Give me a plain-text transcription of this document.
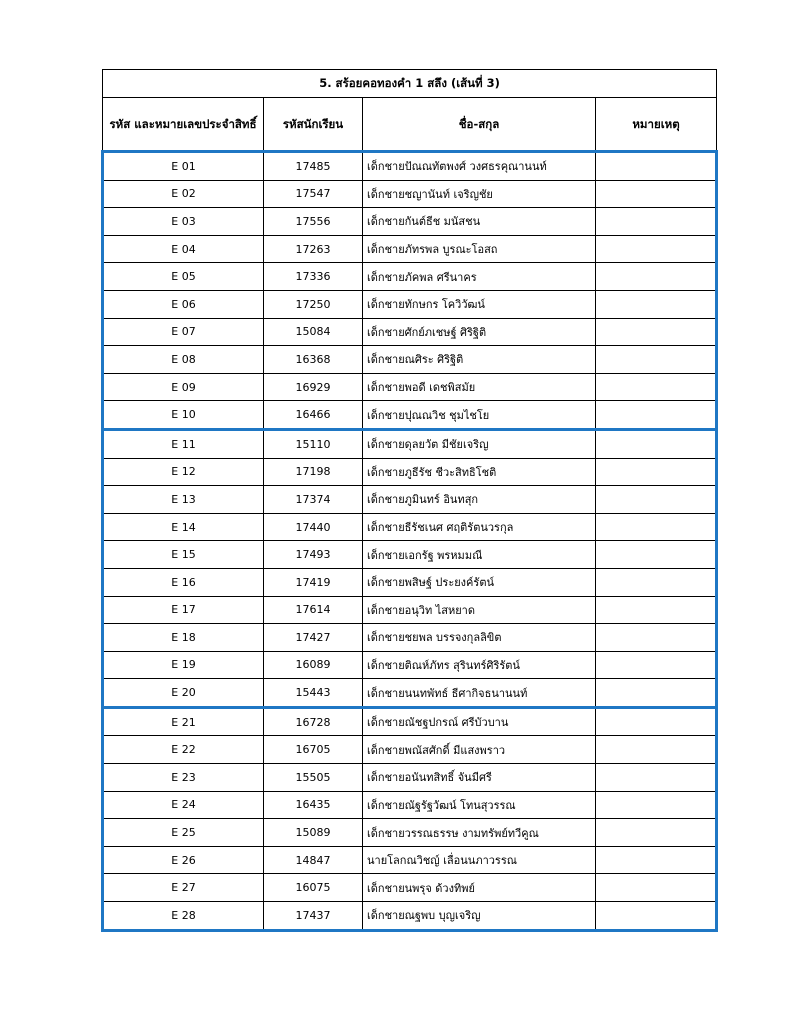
5. สร้อยคอทองคำ 1 สลึง (เส้นที่ 3)			
รหัส และหมายเลขประจำสิทธิ์	รหัสนักเรียน	ชื่อ-สกุล	หมายเหตุ
E 01	17485	เด็กชายปัณณทัตพงศ์ วงศธรคุณานนท์	
E 02	17547	เด็กชายชญานันท์ เจริญชัย	
E 03	17556	เด็กชายกันต์ธีช มนัสชน	
E 04	17263	เด็กชายภัทรพล บูรณะโอสถ	
E 05	17336	เด็กชายภัคพล ศรีนาคร	
E 06	17250	เด็กชายทักษกร โควิวัฒน์	
E 07	15084	เด็กชายศักย์ภเชษฐ์ ศิริฐิติ	
E 08	16368	เด็กชายณศิระ ศิริฐิติ	
E 09	16929	เด็กชายพอดี เดชพิสมัย	
E 10	16466	เด็กชายปุณณวิช ชุมไชโย	
E 11	15110	เด็กชายดุลยวัต มีชัยเจริญ	
E 12	17198	เด็กชายภูธีรัช ชีวะสิทธิโชติ	
E 13	17374	เด็กชายภูมินทร์ อินทสุก	
E 14	17440	เด็กชายธีรัชเนศ ศฤติรัตนวรกุล	
E 15	17493	เด็กชายเอกรัฐ พรหมมณี	
E 16	17419	เด็กชายพสิษฐ์ ประยงค์รัตน์	
E 17	17614	เด็กชายอนุวิท ไสหยาด	
E 18	17427	เด็กชายชยพล บรรจงกุลลิขิต	
E 19	16089	เด็กชายติณห์ภัทร สุรินทร์ศิริรัตน์	
E 20	15443	เด็กชายนนทพัทธ์ ธีศากิจธนานนท์	
E 21	16728	เด็กชายณัชฐปกรณ์ ศรีบัวบาน	
E 22	16705	เด็กชายพณัสศักดิ์ มีแสงพราว	
E 23	15505	เด็กชายอนันทสิทธิ์ จันมีศรี	
E 24	16435	เด็กชายณัฐรัฐวัฒน์ โทนสุวรรณ	
E 25	15089	เด็กชายวรรณธรรษ งามทรัพย์ทวีคูณ	
E 26	14847	นายโลกณวิชญ์ เลื่อนนภาวรรณ	
E 27	16075	เด็กชายนพรุจ ด้วงทิพย์	
E 28	17437	เด็กชายณฐพบ บุญเจริญ	
